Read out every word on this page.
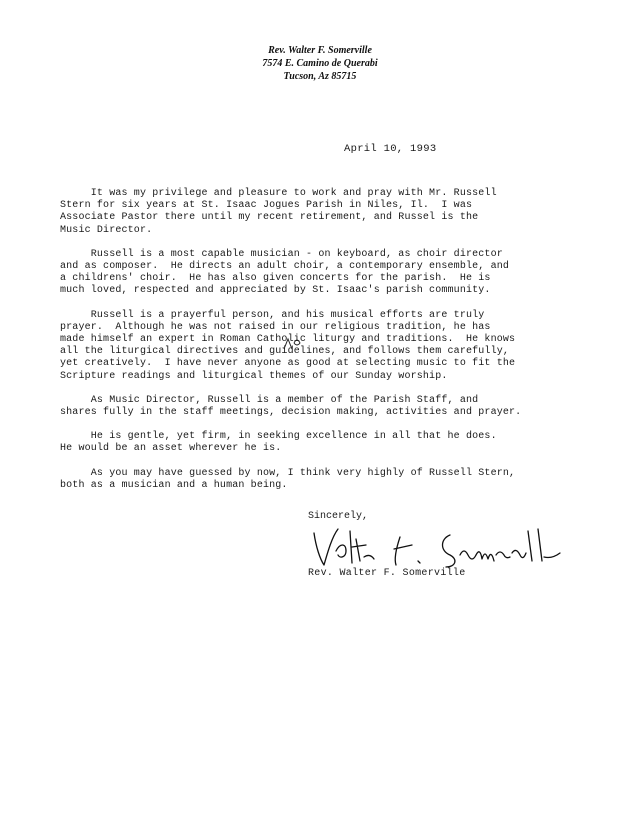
Rev. Walter F. Somerville
7574 E. Camino de Querabi
Tucson, Az 85715
April 10, 1993
It was my privilege and pleasure to work and pray with Mr. Russell
Stern for six years at St. Isaac Jogues Parish in Niles, Il.  I was
Associate Pastor there until my recent retirement, and Russel is the
Music Director.
Russell is a most capable musician - on keyboard, as choir director
and as composer.  He directs an adult choir, a contemporary ensemble, and
a childrens' choir.  He has also given concerts for the parish.  He is
much loved, respected and appreciated by St. Isaac's parish community.
Russell is a prayerful person, and his musical efforts are truly
prayer.  Although he was not raised in our religious tradition, he has
made himself an expert in Roman Catholic liturgy and traditions.  He knows
all the liturgical directives and guidelines, and follows them carefully,
yet creatively.  I have never anyone as good at selecting music to fit the
Scripture readings and liturgical themes of our Sunday worship.
As Music Director, Russell is a member of the Parish Staff, and
shares fully in the staff meetings, decision making, activities and prayer.
He is gentle, yet firm, in seeking excellence in all that he does.
He would be an asset wherever he is.
As you may have guessed by now, I think very highly of Russell Stern,
both as a musician and a human being.
Sincerely,
Rev. Walter F. Somerville
